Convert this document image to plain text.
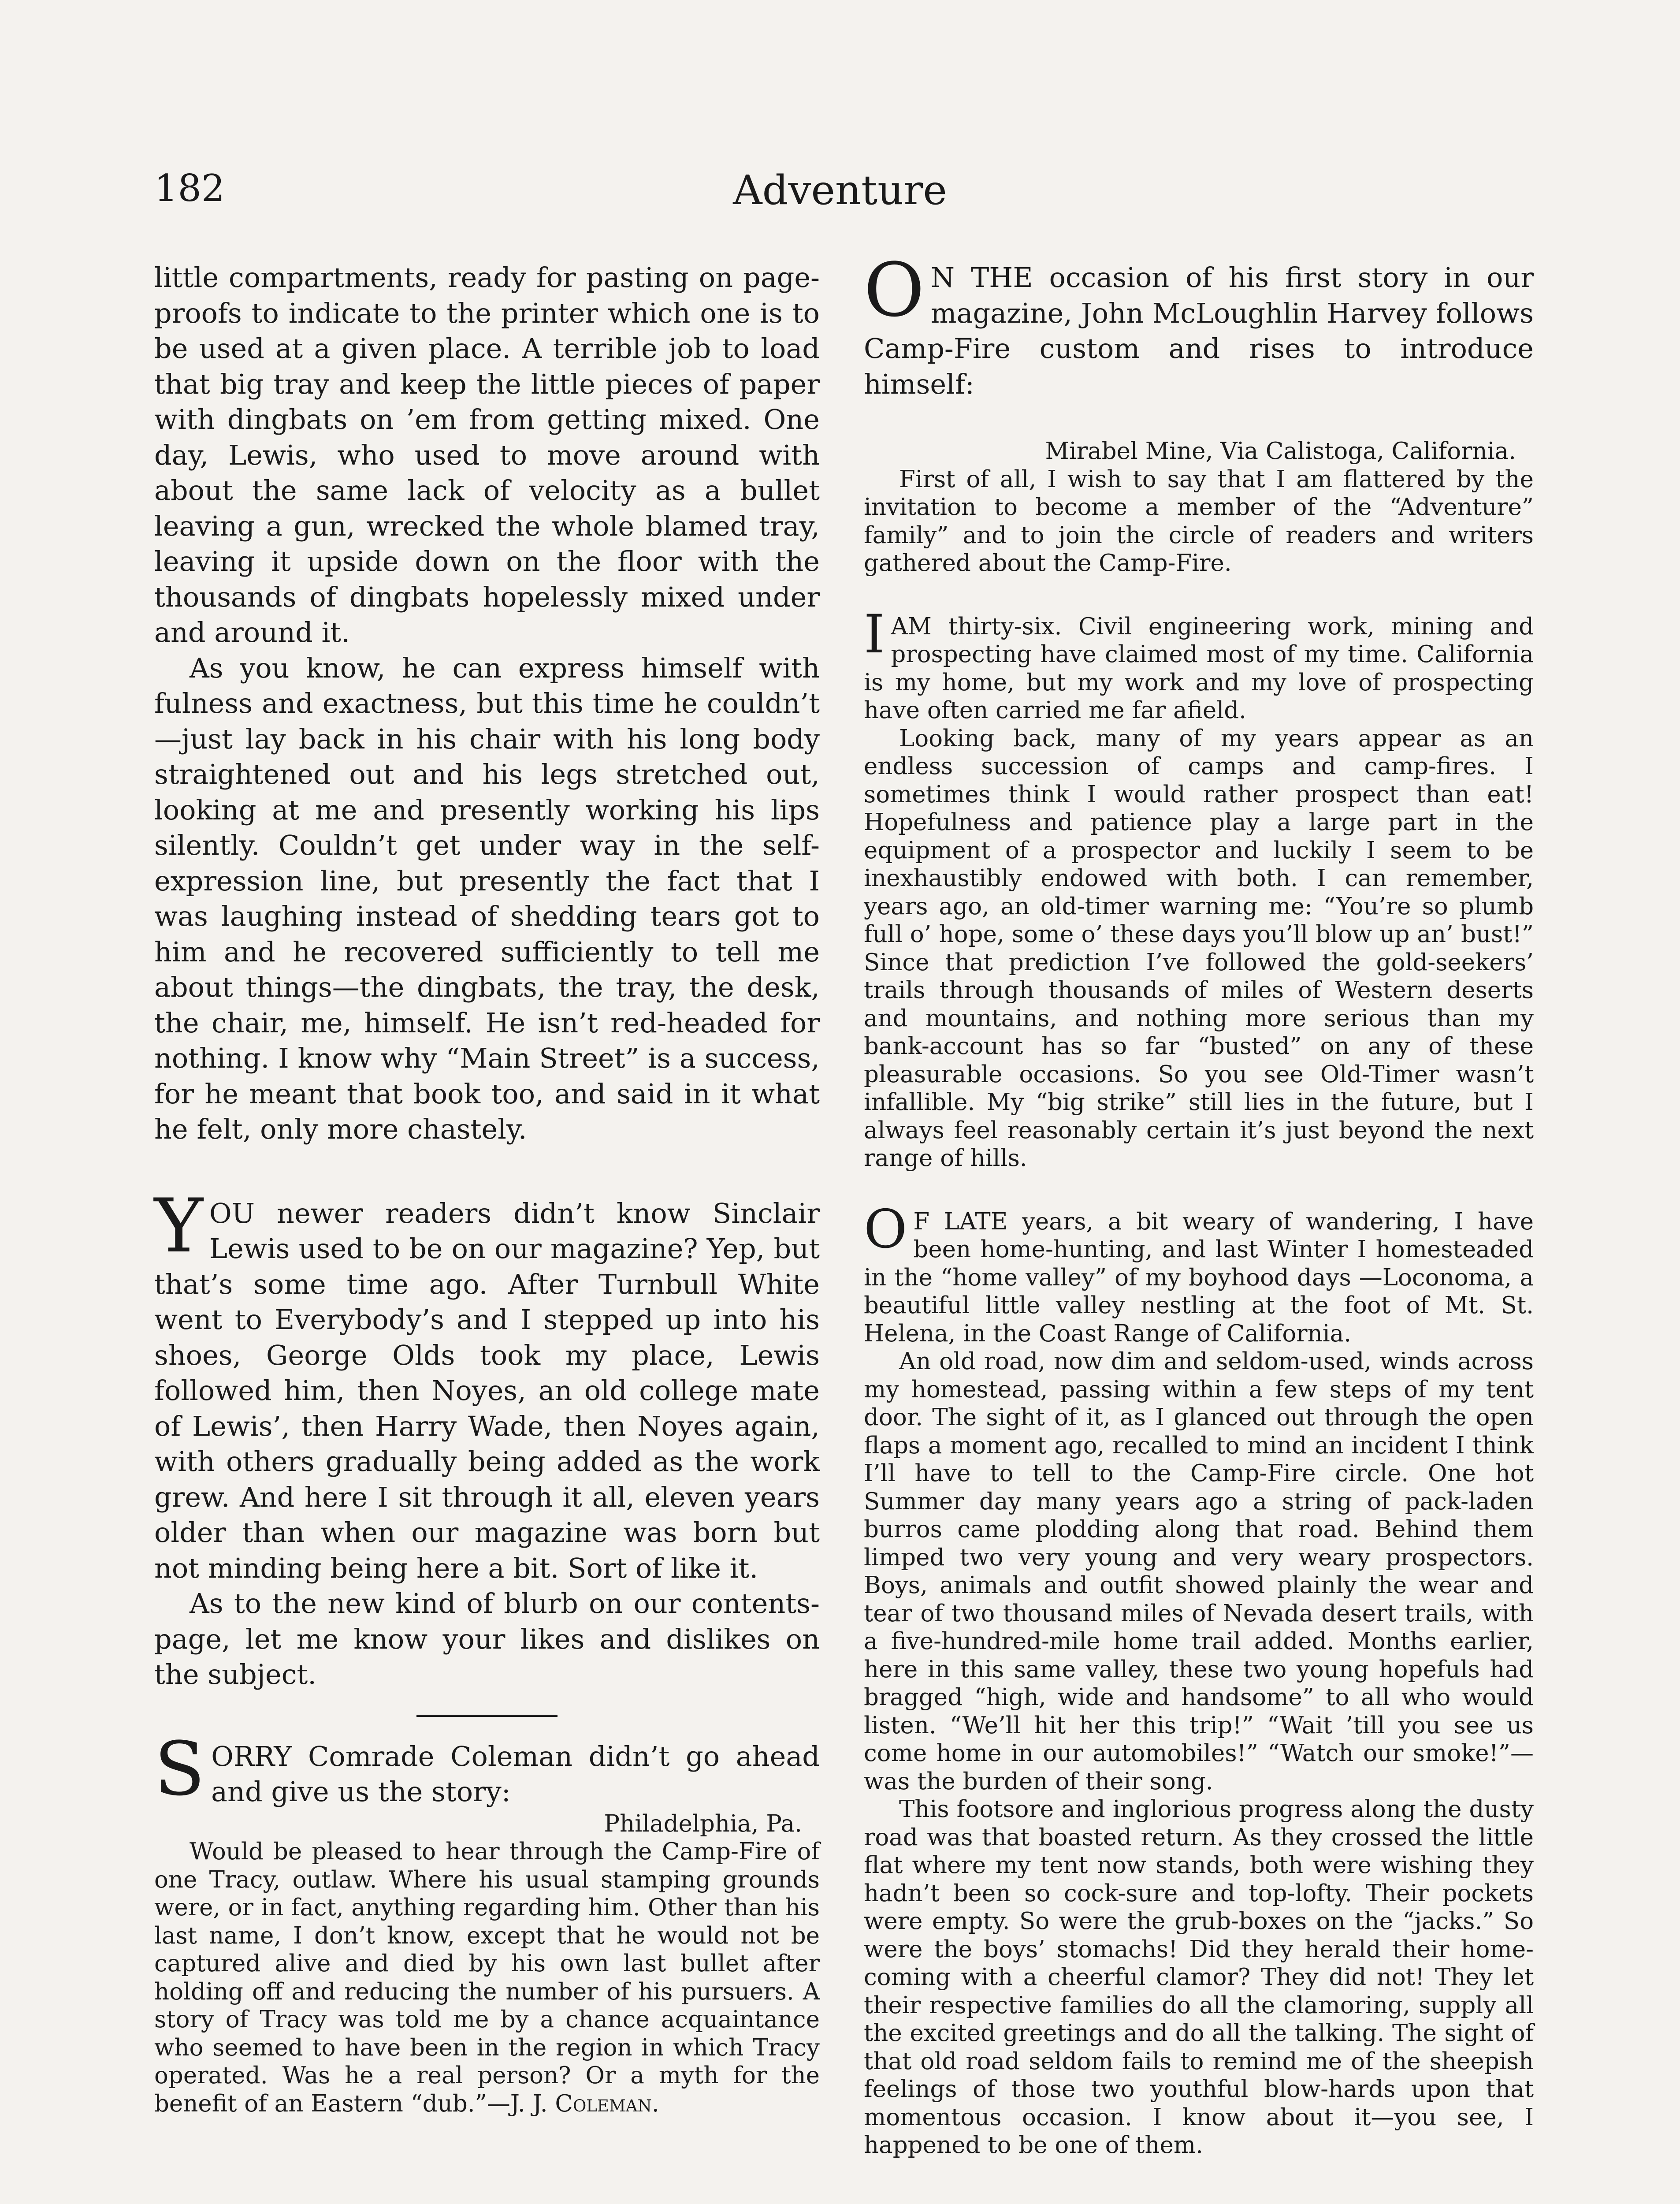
182	Adventure

little compartments, ready for pasting on page-proofs to indicate to the printer which one is to be used at a given place. A terrible job to load that big tray and keep the little pieces of paper with dingbats on ’em from getting mixed. One day, Lewis, who used to move around with about the same lack of velocity as a bullet leaving a gun, wrecked the whole blamed tray, leaving it upside down on the floor with the thousands of dingbats hopelessly mixed under and around it.

As you know, he can express himself with fulness and exactness, but this time he couldn’t—just lay back in his chair with his long body straightened out and his legs stretched out, looking at me and presently working his lips silently. Couldn’t get under way in the self-expression line, but presently the fact that I was laughing instead of shedding tears got to him and he recovered sufficiently to tell me about things—the dingbats, the tray, the desk, the chair, me, himself. He isn’t red-headed for nothing. I know why “Main Street” is a success, for he meant that book too, and said in it what he felt, only more chastely.

YOU newer readers didn’t know Sinclair Lewis used to be on our magazine? Yep, but that’s some time ago. After Turnbull White went to Everybody’s and I stepped up into his shoes, George Olds took my place, Lewis followed him, then Noyes, an old college mate of Lewis’, then Harry Wade, then Noyes again, with others gradually being added as the work grew. And here I sit through it all, eleven years older than when our magazine was born but not minding being here a bit. Sort of like it.

As to the new kind of blurb on our contents-page, let me know your likes and dislikes on the subject.

SORRY Comrade Coleman didn’t go ahead and give us the story:

Philadelphia, Pa.

Would be pleased to hear through the Camp-Fire of one Tracy, outlaw. Where his usual stamping grounds were, or in fact, anything regarding him. Other than his last name, I don’t know, except that he would not be captured alive and died by his own last bullet after holding off and reducing the number of his pursuers. A story of Tracy was told me by a chance acquaintance who seemed to have been in the region in which Tracy operated. Was he a real person? Or a myth for the benefit of an Eastern “dub.”—J. J. Coleman.

O N THE occasion of his first story in our magazine, John McLoughlin Harvey follows Camp-Fire custom and rises to introduce himself:

Mirabel Mine, Via Calistoga, California.

First of all, I wish to say that I am flattered by the invitation to become a member of the “Adventure” family” and to join the circle of readers and writers gathered about the Camp-Fire.

IAM thirty-six. Civil engineering work, mining and prospecting have claimed most of my time. California is my home, but my work and my love of prospecting have often carried me far afield.

Looking back, many of my years appear as an endless succession of camps and camp-fires. I sometimes think I would rather prospect than eat! Hopefulness and patience play a large part in the equipment of a prospector and luckily I seem to be inexhaustibly endowed with both. I can remember, years ago, an old-timer warning me: “You’re so plumb full o’ hope, some o’ these days you’ll blow up an’ bust!” Since that prediction I’ve followed the gold-seekers’ trails through thousands of miles of Western deserts and mountains, and nothing more serious than my bank-account has so far “busted” on any of these pleasurable occasions. So you see Old-Timer wasn’t infallible. My “big strike” still lies in the future, but I always feel reasonably certain it’s just beyond the next range of hills.

O F LATE years, a bit weary of wandering, I have been home-hunting, and last Winter I homesteaded in the “home valley” of my boyhood days —Loconoma, a beautiful little valley nestling at the foot of Mt. St. Helena, in the Coast Range of California.

An old road, now dim and seldom-used, winds across my homestead, passing within a few steps of my tent door. The sight of it, as I glanced out through the open flaps a moment ago, recalled to mind an incident I think I’ll have to tell to the Camp-Fire circle. One hot Summer day many years ago a string of pack-laden burros came plodding along that road. Behind them limped two very young and very weary prospectors. Boys, animals and outfit showed plainly the wear and tear of two thousand miles of Nevada desert trails, with a five-hundred-mile home trail added. Months earlier, here in this same valley, these two young hopefuls had bragged “high, wide and handsome” to all who would listen. “We’ll hit her this trip!” “Wait ’till you see us come home in our automobiles!” “Watch our smoke!”—was the burden of their song.

This footsore and inglorious progress along the dusty road was that boasted return. As they crossed the little flat where my tent now stands, both were wishing they hadn’t been so cock-sure and top-lofty. Their pockets were empty. So were the grub-boxes on the “jacks.” So were the boys’ stomachs! Did they herald their home-coming with a cheerful clamor? They did not! They let their respective families do all the clamoring, supply all the excited greetings and do all the talking. The sight of that old road seldom fails to remind me of the sheepish feelings of those two youthful blow-hards upon that momentous occasion. I know about it—you see, I happened to be one of them.
